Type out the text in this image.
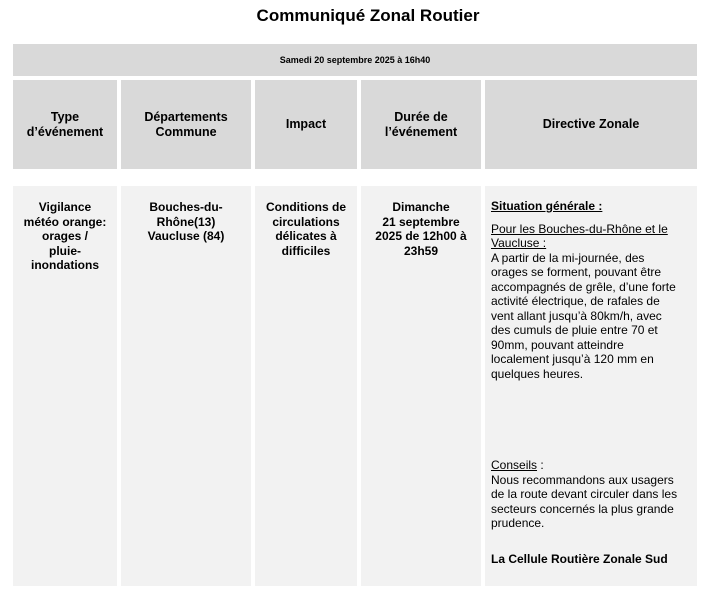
Communiqué Zonal Routier
Samedi 20 septembre 2025 à 16h40
Type
d’événement
Départements
Commune
Impact
Durée de
l’événement
Directive Zonale
Vigilance
météo orange:
orages /
pluie-
inondations
Bouches-du-
Rhône(13)
Vaucluse (84)
Conditions de
circulations
délicates à
difficiles
Dimanche
21 septembre
2025 de 12h00 à
23h59
Situation générale :
Pour les Bouches-du-Rhône et le
Vaucluse :
A partir de la mi-journée, des
orages se forment, pouvant être
accompagnés de grêle, d’une forte
activité électrique, de rafales de
vent allant jusqu’à 80km/h, avec
des cumuls de pluie entre 70 et
90mm, pouvant atteindre
localement jusqu’à 120 mm en
quelques heures.
Conseils :
Nous recommandons aux usagers
de la route devant circuler dans les
secteurs concernés la plus grande
prudence.
La Cellule Routière Zonale Sud
